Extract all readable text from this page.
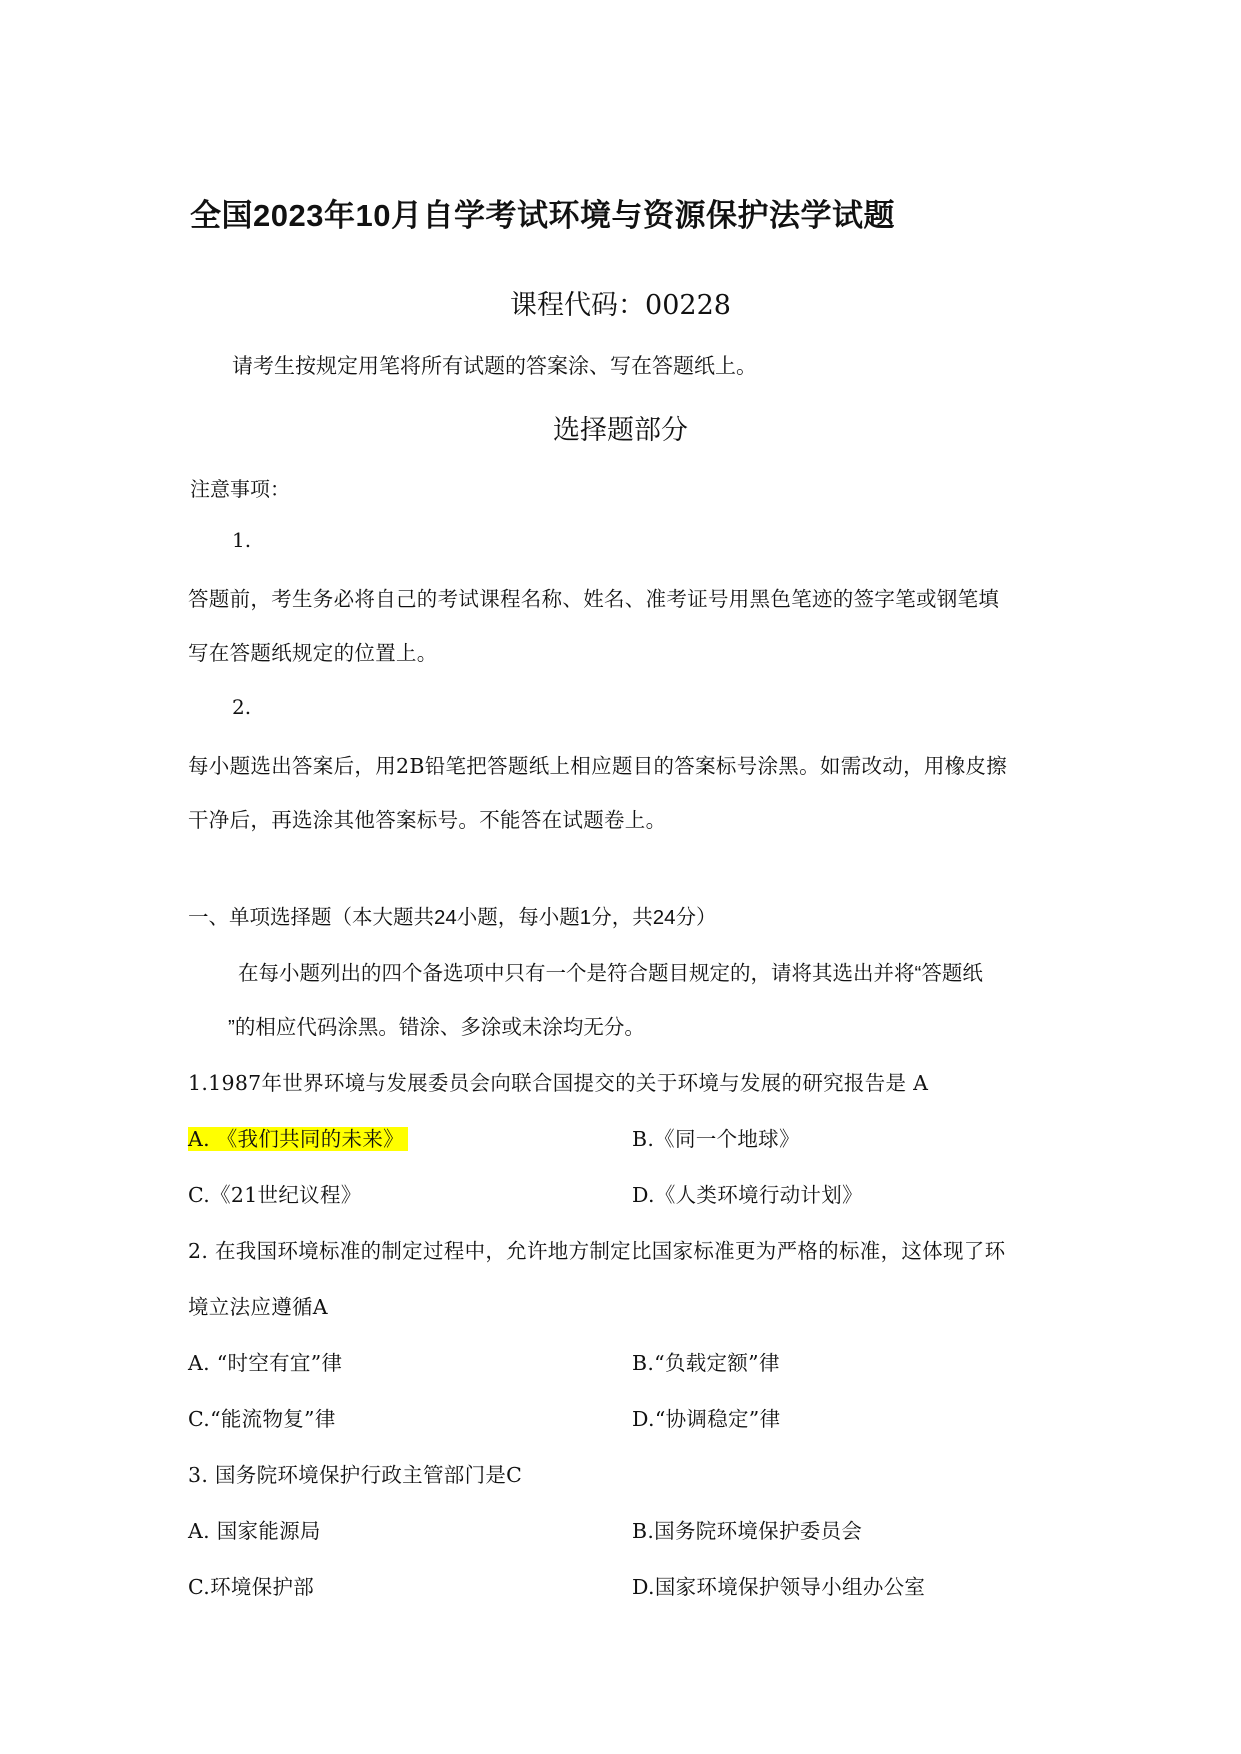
全国2023年10月自学考试环境与资源保护法学试题
课程代码：00228
请考生按规定用笔将所有试题的答案涂、写在答题纸上。
选择题部分
注意事项：
1.
答题前，考生务必将自己的考试课程名称、姓名、准考证号用黑色笔迹的签字笔或钢笔填
写在答题纸规定的位置上。
2.
每小题选出答案后，用2B铅笔把答题纸上相应题目的答案标号涂黑。如需改动，用橡皮擦
干净后，再选涂其他答案标号。不能答在试题卷上。
一、单项选择题（本大题共24小题，每小题1分，共24分）
在每小题列出的四个备选项中只有一个是符合题目规定的，请将其选出并将“答题纸
”的相应代码涂黑。错涂、多涂或未涂均无分。
1.1987年世界环境与发展委员会向联合国提交的关于环境与发展的研究报告是 A
A. 《我们共同的未来》	B.《同一个地球》
C.《21世纪议程》	D.《人类环境行动计划》
2. 在我国环境标准的制定过程中，允许地方制定比国家标准更为严格的标准，这体现了环
境立法应遵循A
A. “时空有宜”律	B.“负载定额”律
C.“能流物复”律	D.“协调稳定”律
3. 国务院环境保护行政主管部门是C
A. 国家能源局	B.国务院环境保护委员会
C.环境保护部	D.国家环境保护领导小组办公室
